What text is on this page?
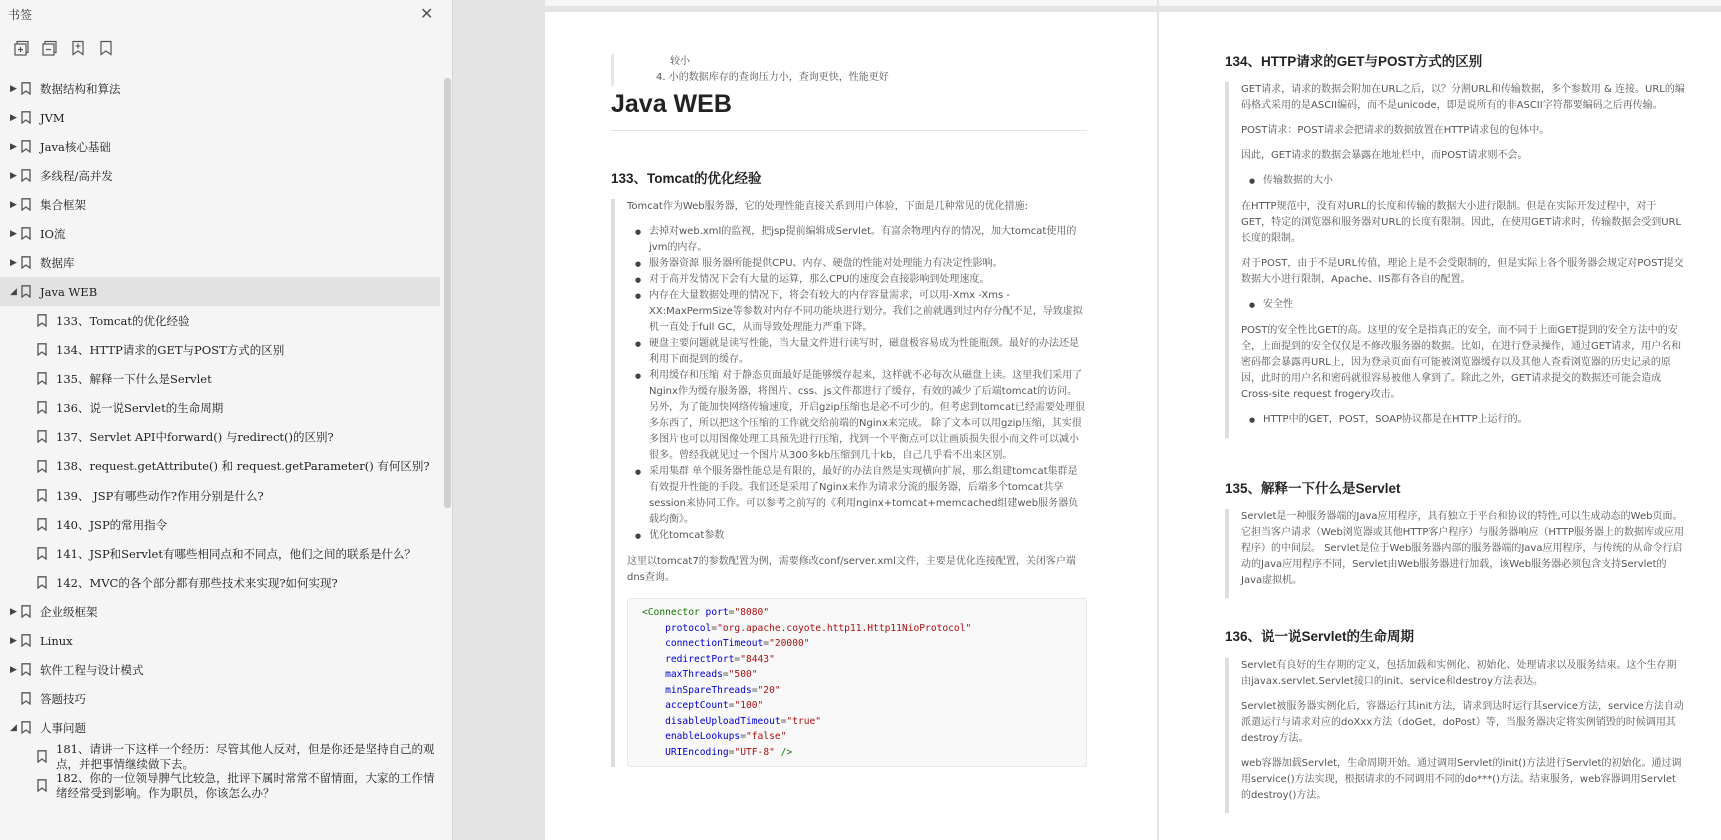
书签	✕
▶ 数据结构和算法
▶ JVM
▶ Java核心基础
▶ 多线程/高并发
▶ 集合框架
▶ IO流
▶ 数据库
◢ Java WEB
133、Tomcat的优化经验
134、HTTP请求的GET与POST方式的区别
135、解释一下什么是Servlet
136、说一说Servlet的生命周期
137、Servlet API中forward() 与redirect()的区别?
138、request.getAttribute() 和 request.getParameter() 有何区别?
139、 JSP有哪些动作?作用分别是什么?
140、JSP的常用指令
141、JSP和Servlet有哪些相同点和不同点，他们之间的联系是什么？
142、MVC的各个部分都有那些技术来实现?如何实现?
▶ 企业级框架
▶ Linux
▶ 软件工程与设计模式
答题技巧
◢ 人事问题
181、请讲一下这样一个经历：尽管其他人反对，但是你还是坚持自己的观点，并把事情继续做下去。
182、你的一位领导脾气比较急，批评下属时常常不留情面，大家的工作情绪经常受到影响。作为职员，你该怎么办？
较小
4. 小的数据库存的查询压力小，查询更快，性能更好
Java WEB
133、Tomcat的优化经验

Tomcat作为Web服务器，它的处理性能直接关系到用户体验，下面是几种常见的优化措施:

● 去掉对web.xml的监视，把jsp提前编辑成Servlet。有富余物理内存的情况，加大tomcat使用的jvm的内存。
● 服务器资源 服务器所能提供CPU、内存、硬盘的性能对处理能力有决定性影响。
● 对于高并发情况下会有大量的运算，那么CPU的速度会直接影响到处理速度。
● 内存在大量数据处理的情况下，将会有较大的内存容量需求，可以用-Xmx -Xms -XX:MaxPermSize等参数对内存不同功能块进行划分。我们之前就遇到过内存分配不足，导致虚拟机一直处于full GC，从而导致处理能力严重下降。
● 硬盘主要问题就是读写性能，当大量文件进行读写时，磁盘极容易成为性能瓶颈。最好的办法还是利用下面提到的缓存。
● 利用缓存和压缩 对于静态页面最好是能够缓存起来，这样就不必每次从磁盘上读。这里我们采用了Nginx作为缓存服务器，将图片、css、js文件都进行了缓存，有效的减少了后端tomcat的访问。 另外，为了能加快网络传输速度，开启gzip压缩也是必不可少的。但考虑到tomcat已经需要处理很多东西了，所以把这个压缩的工作就交给前端的Nginx来完成。 除了文本可以用gzip压缩，其实很多图片也可以用图像处理工具预先进行压缩，找到一个平衡点可以让画质损失很小而文件可以减小很多。曾经我就见过一个图片从300多kb压缩到几十kb，自己几乎看不出来区别。
● 采用集群 单个服务器性能总是有限的，最好的办法自然是实现横向扩展，那么组建tomcat集群是有效提升性能的手段。我们还是采用了Nginx来作为请求分流的服务器，后端多个tomcat共享session来协同工作。可以参考之前写的《利用nginx+tomcat+memcached组建web服务器负载均衡》。
● 优化tomcat参数

这里以tomcat7的参数配置为例，需要修改conf/server.xml文件，主要是优化连接配置，关闭客户端dns查询。

<Connector port="8080"
protocol="org.apache.coyote.http11.Http11NioProtocol"
connectionTimeout="20000"
redirectPort="8443"
maxThreads="500"
minSpareThreads="20"
acceptCount="100"
disableUploadTimeout="true"
enableLookups="false"
URIEncoding="UTF-8" />
134、HTTP请求的GET与POST方式的区别

GET请求，请求的数据会附加在URL之后，以？分割URL和传输数据，多个参数用 & 连接。URL的编码格式采用的是ASCII编码，而不是unicode，即是说所有的非ASCII字符都要编码之后再传输。

POST请求：POST请求会把请求的数据放置在HTTP请求包的包体中。

因此，GET请求的数据会暴露在地址栏中，而POST请求则不会。

● 传输数据的大小

在HTTP规范中，没有对URL的长度和传输的数据大小进行限制。但是在实际开发过程中，对于GET，特定的浏览器和服务器对URL的长度有限制。因此，在使用GET请求时，传输数据会受到URL长度的限制。

对于POST，由于不是URL传值，理论上是不会受限制的，但是实际上各个服务器会规定对POST提交数据大小进行限制，Apache、IIS都有各自的配置。

● 安全性

POST的安全性比GET的高。这里的安全是指真正的安全，而不同于上面GET提到的安全方法中的安全，上面提到的安全仅仅是不修改服务器的数据。比如，在进行登录操作，通过GET请求，用户名和密码都会暴露再URL上，因为登录页面有可能被浏览器缓存以及其他人查看浏览器的历史记录的原因，此时的用户名和密码就很容易被他人拿到了。除此之外，GET请求提交的数据还可能会造成Cross-site request frogery攻击。

● HTTP中的GET，POST，SOAP协议都是在HTTP上运行的。
135、解释一下什么是Servlet

Servlet是一种服务器端的Java应用程序，具有独立于平台和协议的特性,可以生成动态的Web页面。它担当客户请求（Web浏览器或其他HTTP客户程序）与服务器响应（HTTP服务器上的数据库或应用程序）的中间层。 Servlet是位于Web服务器内部的服务器端的Java应用程序，与传统的从命令行启动的Java应用程序不同，Servlet由Web服务器进行加载，该Web服务器必须包含支持Servlet的Java虚拟机。

136、说一说Servlet的生命周期

Servlet有良好的生存期的定义，包括加载和实例化、初始化、处理请求以及服务结束。这个生存期由javax.servlet.Servlet接口的init、service和destroy方法表达。

Servlet被服务器实例化后，容器运行其init方法，请求到达时运行其service方法，service方法自动派遣运行与请求对应的doXxx方法（doGet，doPost）等，当服务器决定将实例销毁的时候调用其destroy方法。

web容器加载Servlet，生命周期开始。通过调用Servlet的init()方法进行Servlet的初始化。通过调用service()方法实现，根据请求的不同调用不同的do***()方法。结束服务，web容器调用Servlet的destroy()方法。
